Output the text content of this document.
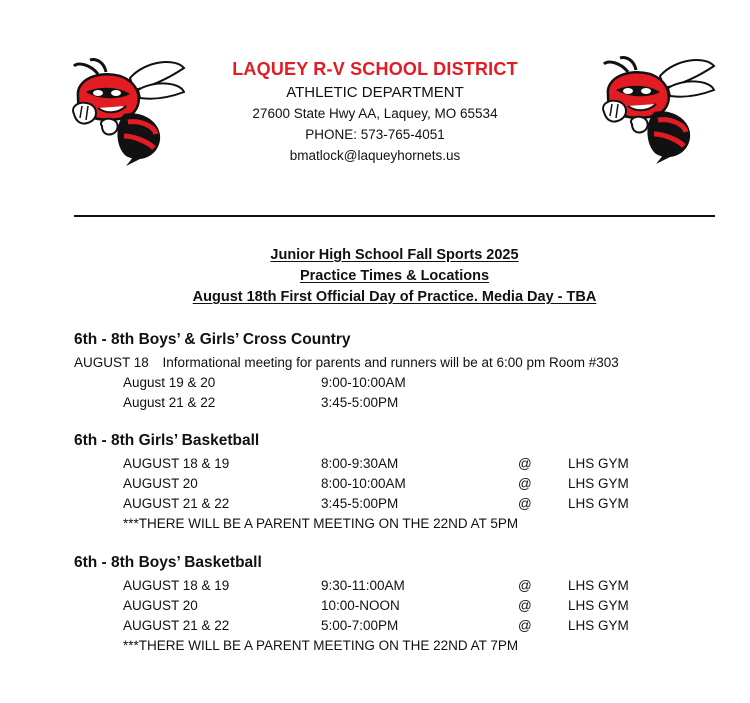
LAQUEY R-V SCHOOL DISTRICT
ATHLETIC DEPARTMENT
27600 State Hwy AA, Laquey, MO 65534
PHONE: 573-765-4051
bmatlock@laqueyhornets.us
Junior High School Fall Sports 2025
Practice Times & Locations
August 18th First Official Day of Practice. Media Day - TBA
6th - 8th Boys’ & Girls’ Cross Country
AUGUST 18 Informational meeting for parents and runners will be at 6:00 pm Room #303
August 19 & 20	9:00-10:00AM
August 21 & 22	3:45-5:00PM
6th - 8th Girls’ Basketball
AUGUST 18 & 19	8:00-9:30AM	@	LHS GYM
AUGUST 20	8:00-10:00AM	@	LHS GYM
AUGUST 21 & 22	3:45-5:00PM	@	LHS GYM
***THERE WILL BE A PARENT MEETING ON THE 22ND AT 5PM
6th - 8th Boys’ Basketball
AUGUST 18 & 19	9:30-11:00AM	@	LHS GYM
AUGUST 20	10:00-NOON	@	LHS GYM
AUGUST 21 & 22	5:00-7:00PM	@	LHS GYM
***THERE WILL BE A PARENT MEETING ON THE 22ND AT 7PM
